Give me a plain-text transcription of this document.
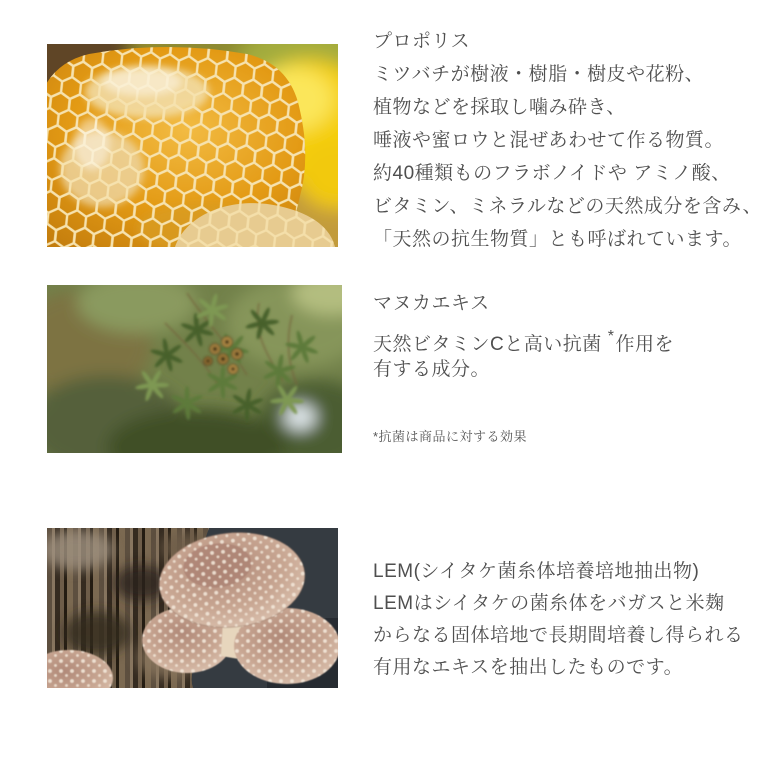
プロポリス
ミツバチが樹液・樹脂・樹皮や花粉、
植物などを採取し噛み砕き、
唾液や蜜ロウと混ぜあわせて作る物質。
約40種類ものフラボノイドや アミノ酸、
ビタミン、ミネラルなどの天然成分を含み、
「天然の抗生物質」とも呼ばれています。
マヌカエキス
天然ビタミンCと高い抗菌 *作用を
有する成分。
*抗菌は商品に対する効果
LEM(シイタケ菌糸体培養培地抽出物)
LEMはシイタケの菌糸体をバガスと米麹
からなる固体培地で長期間培養し得られる
有用なエキスを抽出したものです。
